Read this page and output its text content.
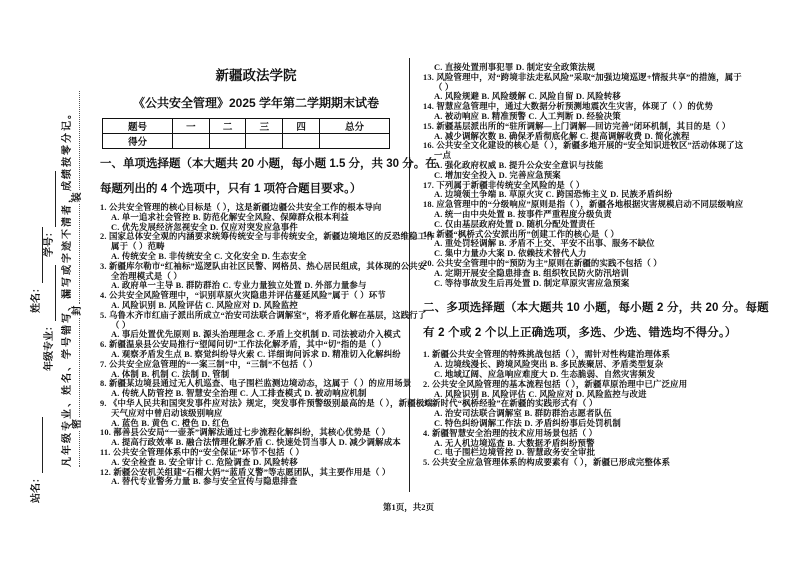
站名：
姓名：
年级专业：
学号： 凡年级专业、姓名、学号错写、漏写或字迹不清者，成绩按零分记。 密
封
装
新疆政法学院
《公共安全管理》2025 学年第二学期期末试卷
题号	一	二	三	四	总分
得分					
一、单项选择题（本大题共 20 小题，每小题 1.5 分，共 30 分。在
每题列出的 4 个选项中，只有 1 项符合题目要求。）
1. 公共安全管理的核心目标是（ ），这是新疆边疆公共安全工作的根本导向
A. 单一追求社会管控 B. 防范化解安全风险、保障群众根本利益
C. 优先发展经济忽视安全 D. 仅应对突发应急事件
2. 国家总体安全观的内涵要求统筹传统安全与非传统安全，新疆边境地区的反恐维稳工作
属于（ ）范畴
A. 传统安全 B. 非传统安全 C. 文化安全 D. 生态安全
3. 新疆库尔勒市“红袖标”巡逻队由社区民警、网格员、热心居民组成，其体现的公共安
全治理模式是（ ）
A. 政府单一主导 B. 群防群治 C. 专业力量独立处置 D. 外部力量参与
4. 公共安全风险管理中，“识别草原火灾隐患并评估蔓延风险”属于（ ）环节
A. 风险识别 B. 风险评估 C. 风险应对 D. 风险监控
5. 乌鲁木齐市红庙子派出所成立“治安司法联合调解室”，将矛盾化解在基层，这践行了
（ ）
A. 事后处置优先原则 B. 源头治理理念 C. 矛盾上交机制 D. 司法被动介入模式
6. 新疆温泉县公安局推行“望闻问切”工作法化解矛盾，其中“切”指的是（ ）
A. 观察矛盾发生点 B. 察觉纠纷导火索 C. 详细询问诉求 D. 精准切入化解纠纷
7. 公共安全应急管理的“一案三制”中，“三制”不包括（ ）
A. 体制 B. 机制 C. 法制 D. 管制
8. 新疆某边境县通过无人机巡查、电子围栏监测边境动态，这属于（ ）的应用场景
A. 传统人防管控 B. 智慧安全治理 C. 人工排查模式 D. 被动响应机制
9. 《中华人民共和国突发事件应对法》规定，突发事件预警级别最高的是（ ），新疆极端
天气应对中曾启动该级别响应
A. 蓝色 B. 黄色 C. 橙色 D. 红色
10. 鄯善县公安局“一壶茶”调解法通过七步流程化解纠纷，其核心优势是（ ）
A. 提高行政效率 B. 融合法情理化解矛盾 C. 快速处罚当事人 D. 减少调解成本
11. 公共安全管理体系中的“安全保证”环节不包括（ ）
A. 安全检查 B. 安全审计 C. 危险调查 D. 风险转移
12. 新疆公安机关组建“石榴大妈”“蓝盾义警”等志愿团队，其主要作用是（ ）
A. 替代专业警务力量 B. 参与安全宣传与隐患排查
C. 直接处置刑事犯罪 D. 制定安全政策法规
13. 风险管理中，对“跨境非法走私风险”采取“加强边境巡逻+情报共享”的措施，属于
（ ）
A. 风险规避 B. 风险缓解 C. 风险自留 D. 风险转移
14. 智慧应急管理中，通过大数据分析预测地震次生灾害，体现了（ ）的优势
A. 被动响应 B. 精准预警 C. 人工判断 D. 经验决策
15. 新疆基层派出所的“驻所调解—上门调解—回访完善”闭环机制，其目的是（ ）
A. 减少调解次数 B. 确保矛盾彻底化解 C. 提高调解收费 D. 简化流程
16. 公共安全文化建设的核心是（ ），新疆多地开展的“安全知识进牧区”活动体现了这
一点
A. 强化政府权威 B. 提升公众安全意识与技能
C. 增加安全投入 D. 完善应急预案
17. 下列属于新疆非传统安全风险的是（ ）
A. 边境领土争端 B. 草原火灾 C. 跨国恐怖主义 D. 民族矛盾纠纷
18. 应急管理中的“分级响应”原则是指（ ），新疆各地根据灾害规模启动不同层级响应
A. 统一由中央处置 B. 按事件严重程度分级负责
C. 仅由基层政府处置 D. 随机分配处置责任
19. 新疆“枫桥式公安派出所”创建工作的核心是（ ）
A. 重处罚轻调解 B. 矛盾不上交、平安不出事、服务不缺位
C. 集中力量办大案 D. 依赖技术替代人力
20. 公共安全管理中的“预防为主”原则在新疆的实践不包括（ ）
A. 定期开展安全隐患排查 B. 组织牧民防火防汛培训
C. 等待事故发生后再处置 D. 制定草原灾害应急预案
二、多项选择题（本大题共 10 小题，每小题 2 分，共 20 分。每题
有 2 个或 2 个以上正确选项，多选、少选、错选均不得分。）
1. 新疆公共安全管理的特殊挑战包括（ ），需针对性构建治理体系
A. 边境线漫长、跨境风险突出 B. 多民族聚居、矛盾类型复杂
C. 地域辽阔、应急响应难度大 D. 生态脆弱、自然灾害频发
2. 公共安全风险管理的基本流程包括（ ），新疆草原治理中已广泛应用
A. 风险识别 B. 风险评估 C. 风险应对 D. 风险监控与改进
3. 新时代“枫桥经验”在新疆的实践形式有（ ）
A. 治安司法联合调解室 B. 群防群治志愿者队伍
C. 特色纠纷调解工作法 D. 矛盾纠纷事后处罚机制
4. 新疆智慧安全治理的技术应用场景包括（ ）
A. 无人机边境巡查 B. 大数据矛盾纠纷预警
C. 电子围栏边境管控 D. 智慧政务安全审批
5. 公共安全应急管理体系的构成要素有（ ），新疆已形成完整体系
第1页，共2页
